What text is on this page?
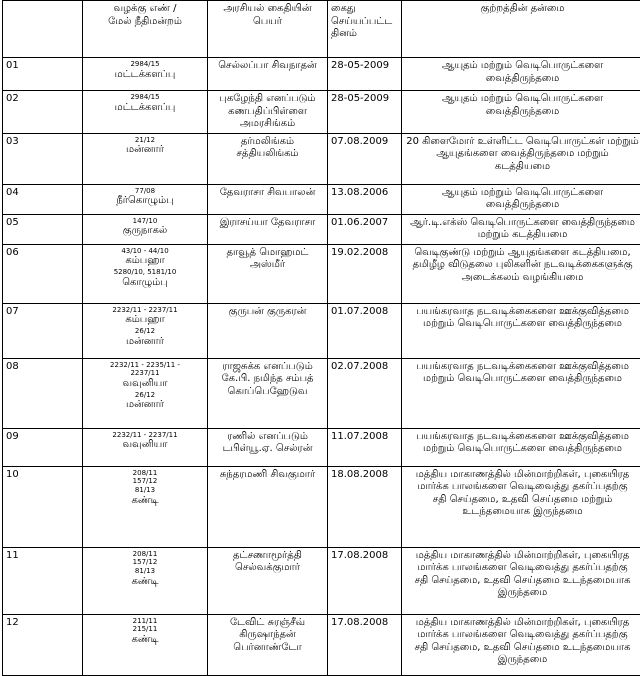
	வழக்கு எண் /
மேல் நீதிமன்றம்	அரசியல் கைதியின்
பெயர்	கைது
செய்யப்பட்ட
தினம்	குற்றத்தின் தன்மை

01	2984/15
மட்டக்களப்பு	செல்லப்பா சிவநாதன்	28-05-2009	ஆயுதம் மற்றும் வெடிபொருட்களை
வைத்திருந்தமை

02	2984/15
மட்டக்களப்பு	புகழேந்தி எனப்படும்
கணபதிப்பிள்ளை
அமரசிங்கம்	28-05-2009	ஆயுதம் மற்றும் வெடிபொருட்களை
வைத்திருந்தமை

03	21/12
மன்னார்	தர்மலிங்கம்
சத்தியலிங்கம்	07.08.2009	20 கிளைமோர் உள்ளிட்ட வெடிபொருட்கள் மற்றும்
ஆயுதங்களை வைத்திருந்தமை மற்றும்
கடத்தியமை

04	77/08
நீர்கொழும்பு	தேவராசா சிவபாலன்	13.08.2006	ஆயுதம் மற்றும் வெடிபொருட்களை
வைத்திருந்தமை

05	147/10
குருநாகல்	இராசய்யா தேவராசா	01.06.2007	ஆர்.டி.எக்ஸ் வெடிபொருட்களை வைத்திருந்தமை
மற்றும் கடத்தியமை

06	43/10 - 44/10
கம்பஹா
5280/10, 5181/10
கொழும்பு	தாவூத் மொஹமட்
அஸ்மீர்	19.02.2008	வெடிகுண்டு மற்றும் ஆயுதங்களை கடத்தியமை,
தமிழீழ விடுதலை புலிகளின் நடவடிக்கைகளுக்கு
அடைக்கலம் வழங்கியமை

07	2232/11 - 2237/11
கம்பஹா
26/12
மன்னார்	குருபன் குருகரன்	01.07.2008	பயங்கரவாத நடவடிக்கைகளை ஊக்குவித்தமை
மற்றும் வெடிபொருட்களை வைத்திருந்தமை

08	2232/11 - 2235/11 -
2237/11
வவுனியா
26/12
மன்னார்	ராஜசுக்க எனப்படும்
கே.பி. நமிந்த சம்பத்
கொப்பெஹேடுவ	02.07.2008	பயங்கரவாத நடவடிக்கைகளை ஊக்குவித்தமை
மற்றும் வெடிபொருட்களை வைத்திருந்தமை

09	2232/11 - 2237/11
வவுனியா	ரணில் எனப்படும்
டபிள்யூ.ஏ. செல்ரன்	11.07.2008	பயங்கரவாத நடவடிக்கைகளை ஊக்குவித்தமை
மற்றும் வெடிபொருட்களை வைத்திருந்தமை

10	208/11
157/12
81/13
கண்டி	சுந்தரமணி சிவகுமார்	18.08.2008	மத்திய மாகாணத்தில் மின்மாற்றிகள், புகையிரத
மார்க்க பாலங்களை வெடிவைத்து தகர்ப்பதற்கு
சதி செய்தமை, உதவி செய்தமை மற்றும்
உடந்தமையாக இருந்தமை

11	208/11
157/12
81/13
கண்டி	தட்சணாமூர்த்தி
செல்வக்குமார்	17.08.2008	மத்திய மாகாணத்தில் மின்மாற்றிகள், புகையிரத
மார்க்க பாலங்களை வெடிவைத்து தகர்ப்பதற்கு
சதி செய்தமை, உதவி செய்தமை உடந்தமையாக
இருந்தமை

12	211/11
215/11
கண்டி	டேவிட் சுரஞ்சீவ்
கிருஷாந்தன்
பெர்னாண்டோ	17.08.2008	மத்திய மாகாணத்தில் மின்மாற்றிகள், புகையிரத
மார்க்க பாலங்களை வெடிவைத்து தகர்ப்பதற்கு
சதி செய்தமை, உதவி செய்தமை உடந்தமையாக
இருந்தமை
